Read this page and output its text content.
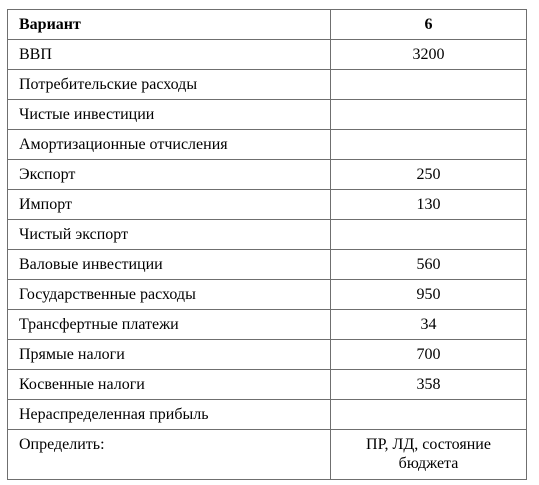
Вариант	6
ВВП	3200
Потребительские расходы	
Чистые инвестиции	
Амортизационные отчисления	
Экспорт	250
Импорт	130
Чистый экспорт	
Валовые инвестиции	560
Государственные расходы	950
Трансфертные платежи	34
Прямые налоги	700
Косвенные налоги	358
Нераспределенная прибыль	
Определить:	ПР, ЛД, состояние бюджета
